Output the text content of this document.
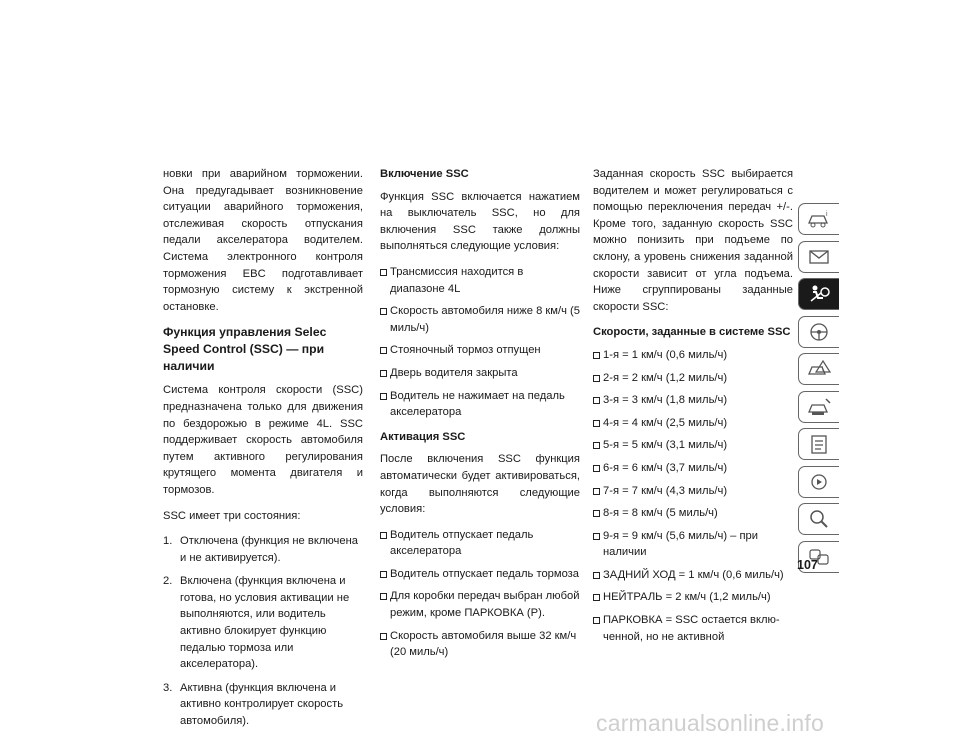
новки при аварийном торможении. Она предугадывает возникновение ситуации аварийного торможения, отслеживая скорость отпускания педали акселератора водителем. Система электронного контроля торможения EBC подготавливает тормозную систему к экстренной остановке.

Функция управления Selec Speed Control (SSC) — при наличии

Система контроля скорости (SSC) предназначена только для движения по бездорожью в режиме 4L. SSC поддерживает скорость автомобиля путем активного регулирования крутящего момента двигателя и тормозов.

SSC имеет три состояния:

1. Отключена (функция не включена и не активируется).
2. Включена (функция включена и готова, но условия активации не выполняются, или водитель активно блокирует функцию педалью тормоза или акселератора).
3. Активна (функция включена и активно контролирует скорость автомобиля).
Включение SSC

Функция SSC включается нажатием на выключатель SSC, но для включения SSC также должны выполняться следующие условия:

Трансмиссия находится в диапазоне 4L
Скорость автомобиля ниже 8 км/ч (5 миль/ч)
Стояночный тормоз отпущен
Дверь водителя закрыта
Водитель не нажимает на педаль акселератора
Активация SSC

После включения SSC функция автоматически будет активироваться, когда выполняются следующие условия:

Водитель отпускает педаль акселератора
Водитель отпускает педаль тормоза
Для коробки передач выбран любой режим, кроме ПАРКОВКА (P).
Скорость автомобиля выше 32 км/ч (20 миль/ч)

Заданная скорость SSC выбирается водителем и может регулироваться с помощью переключения передач +/-. Кроме того, заданную скорость SSC можно понизить при подъеме по склону, а уровень снижения заданной скорости зависит от угла подъема. Ниже сгруппированы заданные скорости SSC:

Скорости, заданные в системе SSC
1-я = 1 км/ч (0,6 миль/ч)
2-я = 2 км/ч (1,2 миль/ч)
3-я = 3 км/ч (1,8 миль/ч)
4-я = 4 км/ч (2,5 миль/ч)
5-я = 5 км/ч (3,1 миль/ч)
6-я = 6 км/ч (3,7 миль/ч)
7-я = 7 км/ч (4,3 миль/ч)
8-я = 8 км/ч (5 миль/ч)
9-я = 9 км/ч (5,6 миль/ч) – при наличии
ЗАДНИЙ ХОД = 1 км/ч (0,6 миль/ч)
НЕЙТРАЛЬ = 2 км/ч (1,2 миль/ч)
ПАРКОВКА = SSC остается включенной, но не активной
i
!
107
carmanualsonline.info
